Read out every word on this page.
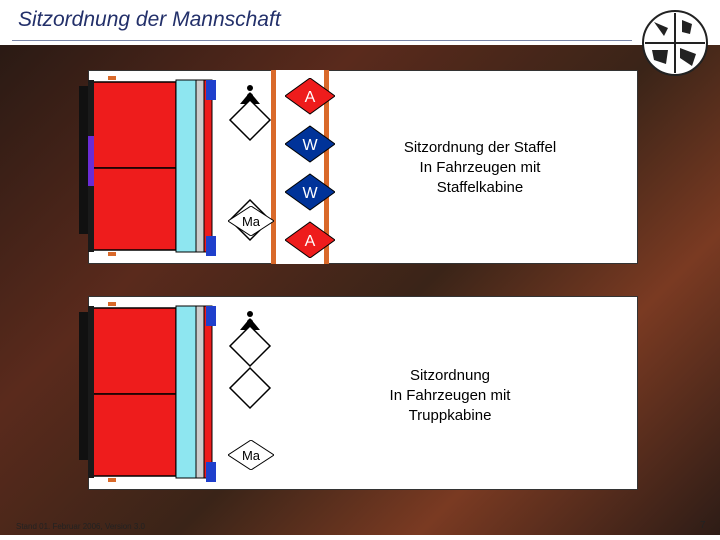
Sitzordnung der Mannschaft
A
W
W
A
Ma
Sitzordnung der Staffel
In Fahrzeugen mit
Staffelkabine
Ma
Sitzordnung
In Fahrzeugen mit
Truppkabine
Stand 01. Februar 2006, Version 3.0	7
